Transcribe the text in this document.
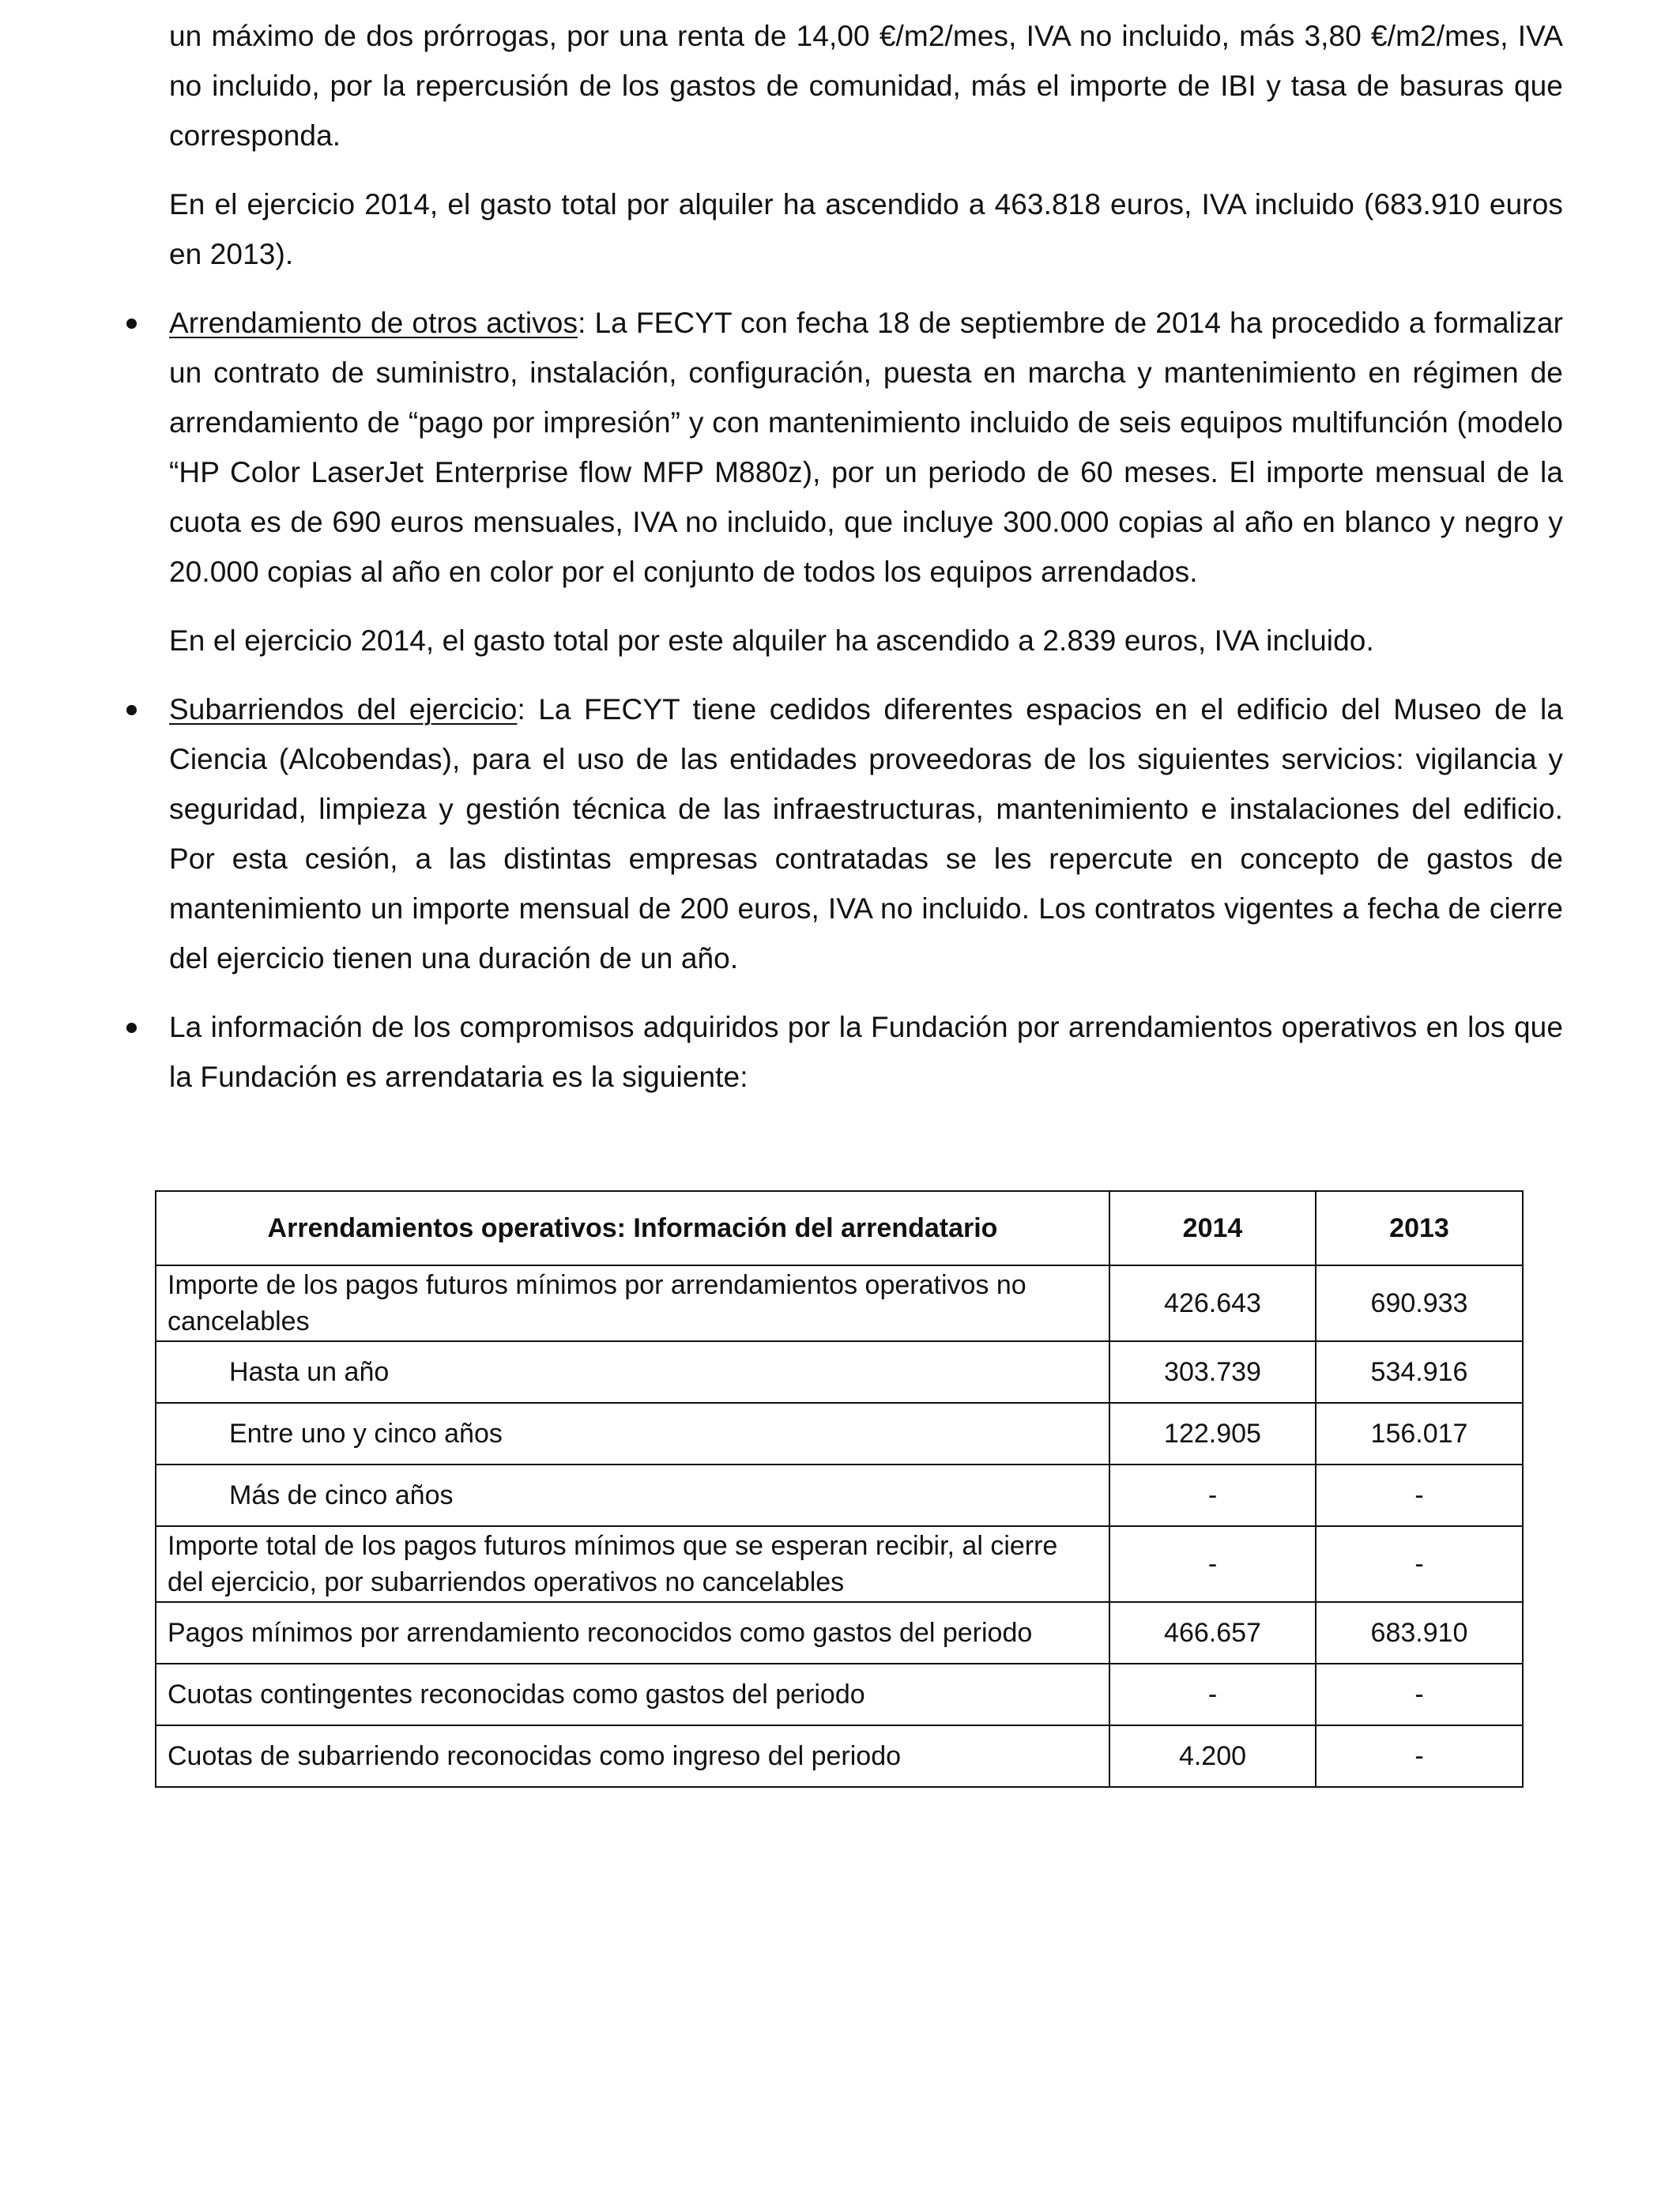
un máximo de dos prórrogas, por una renta de 14,00 €/m2/mes, IVA no incluido, más 3,80 €/m2/mes, IVA no incluido, por la repercusión de los gastos de comunidad, más el importe de IBI y tasa de basuras que corresponda.

En el ejercicio 2014, el gasto total por alquiler ha ascendido a 463.818 euros, IVA incluido (683.910 euros en 2013).

Arrendamiento de otros activos: La FECYT con fecha 18 de septiembre de 2014 ha procedido a formalizar un contrato de suministro, instalación, configuración, puesta en marcha y mantenimiento en régimen de arrendamiento de “pago por impresión” y con mantenimiento incluido de seis equipos multifunción (modelo “HP Color LaserJet Enterprise flow MFP M880z), por un periodo de 60 meses. El importe mensual de la cuota es de 690 euros mensuales, IVA no incluido, que incluye 300.000 copias al año en blanco y negro y 20.000 copias al año en color por el conjunto de todos los equipos arrendados.

En el ejercicio 2014, el gasto total por este alquiler ha ascendido a 2.839 euros, IVA incluido.

Subarriendos del ejercicio: La FECYT tiene cedidos diferentes espacios en el edificio del Museo de la Ciencia (Alcobendas), para el uso de las entidades proveedoras de los siguientes servicios: vigilancia y seguridad, limpieza y gestión técnica de las infraestructuras, mantenimiento e instalaciones del edificio. Por esta cesión, a las distintas empresas contratadas se les repercute en concepto de gastos de mantenimiento un importe mensual de 200 euros, IVA no incluido. Los contratos vigentes a fecha de cierre del ejercicio tienen una duración de un año.

La información de los compromisos adquiridos por la Fundación por arrendamientos operativos en los que la Fundación es arrendataria es la siguiente:

Arrendamientos operativos: Información del arrendatario	2014	2013
Importe de los pagos futuros mínimos por arrendamientos operativos no cancelables	426.643	690.933
Hasta un año	303.739	534.916
Entre uno y cinco años	122.905	156.017
Más de cinco años	-	-
Importe total de los pagos futuros mínimos que se esperan recibir, al cierre del ejercicio, por subarriendos operativos no cancelables	-	-
Pagos mínimos por arrendamiento reconocidos como gastos del periodo	466.657	683.910
Cuotas contingentes reconocidas como gastos del periodo	-	-
Cuotas de subarriendo reconocidas como ingreso del periodo	4.200	-
